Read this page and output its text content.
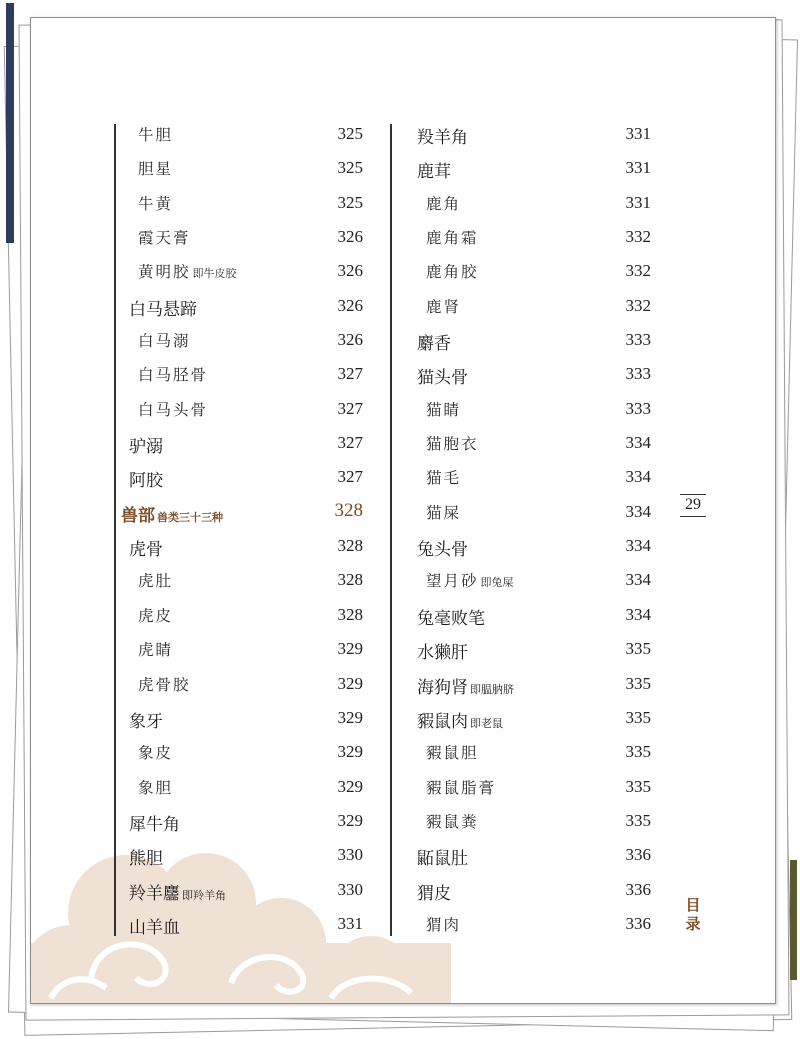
牛胆	325
胆星	325
牛黄	325
霞天膏	326
黄明胶 即牛皮胶	326
白马悬蹄	326
白马溺	326
白马胫骨	327
白马头骨	327
驴溺	327
阿胶	327
兽部 兽类三十三种	328
虎骨	328
虎肚	328
虎皮	328
虎睛	329
虎骨胶	329
象牙	329
象皮	329
象胆	329
犀牛角	329
熊胆	330
羚羊麢 即羚羊角	330
山羊血	331
羖羊角	331
鹿茸	331
鹿角	331
鹿角霜	332
鹿角胶	332
鹿肾	332
麝香	333
猫头骨	333
猫睛	333
猫胞衣	334
猫毛	334
猫屎	334
兔头骨	334
望月砂 即兔屎	334
兔毫败笔	334
水獭肝	335
海狗肾 即腽肭脐	335
豭鼠肉 即老鼠	335
豭鼠胆	335
豭鼠脂膏	335
豭鼠粪	335
鼫鼠肚	336
猬皮	336
猬肉	336
29
目
录
